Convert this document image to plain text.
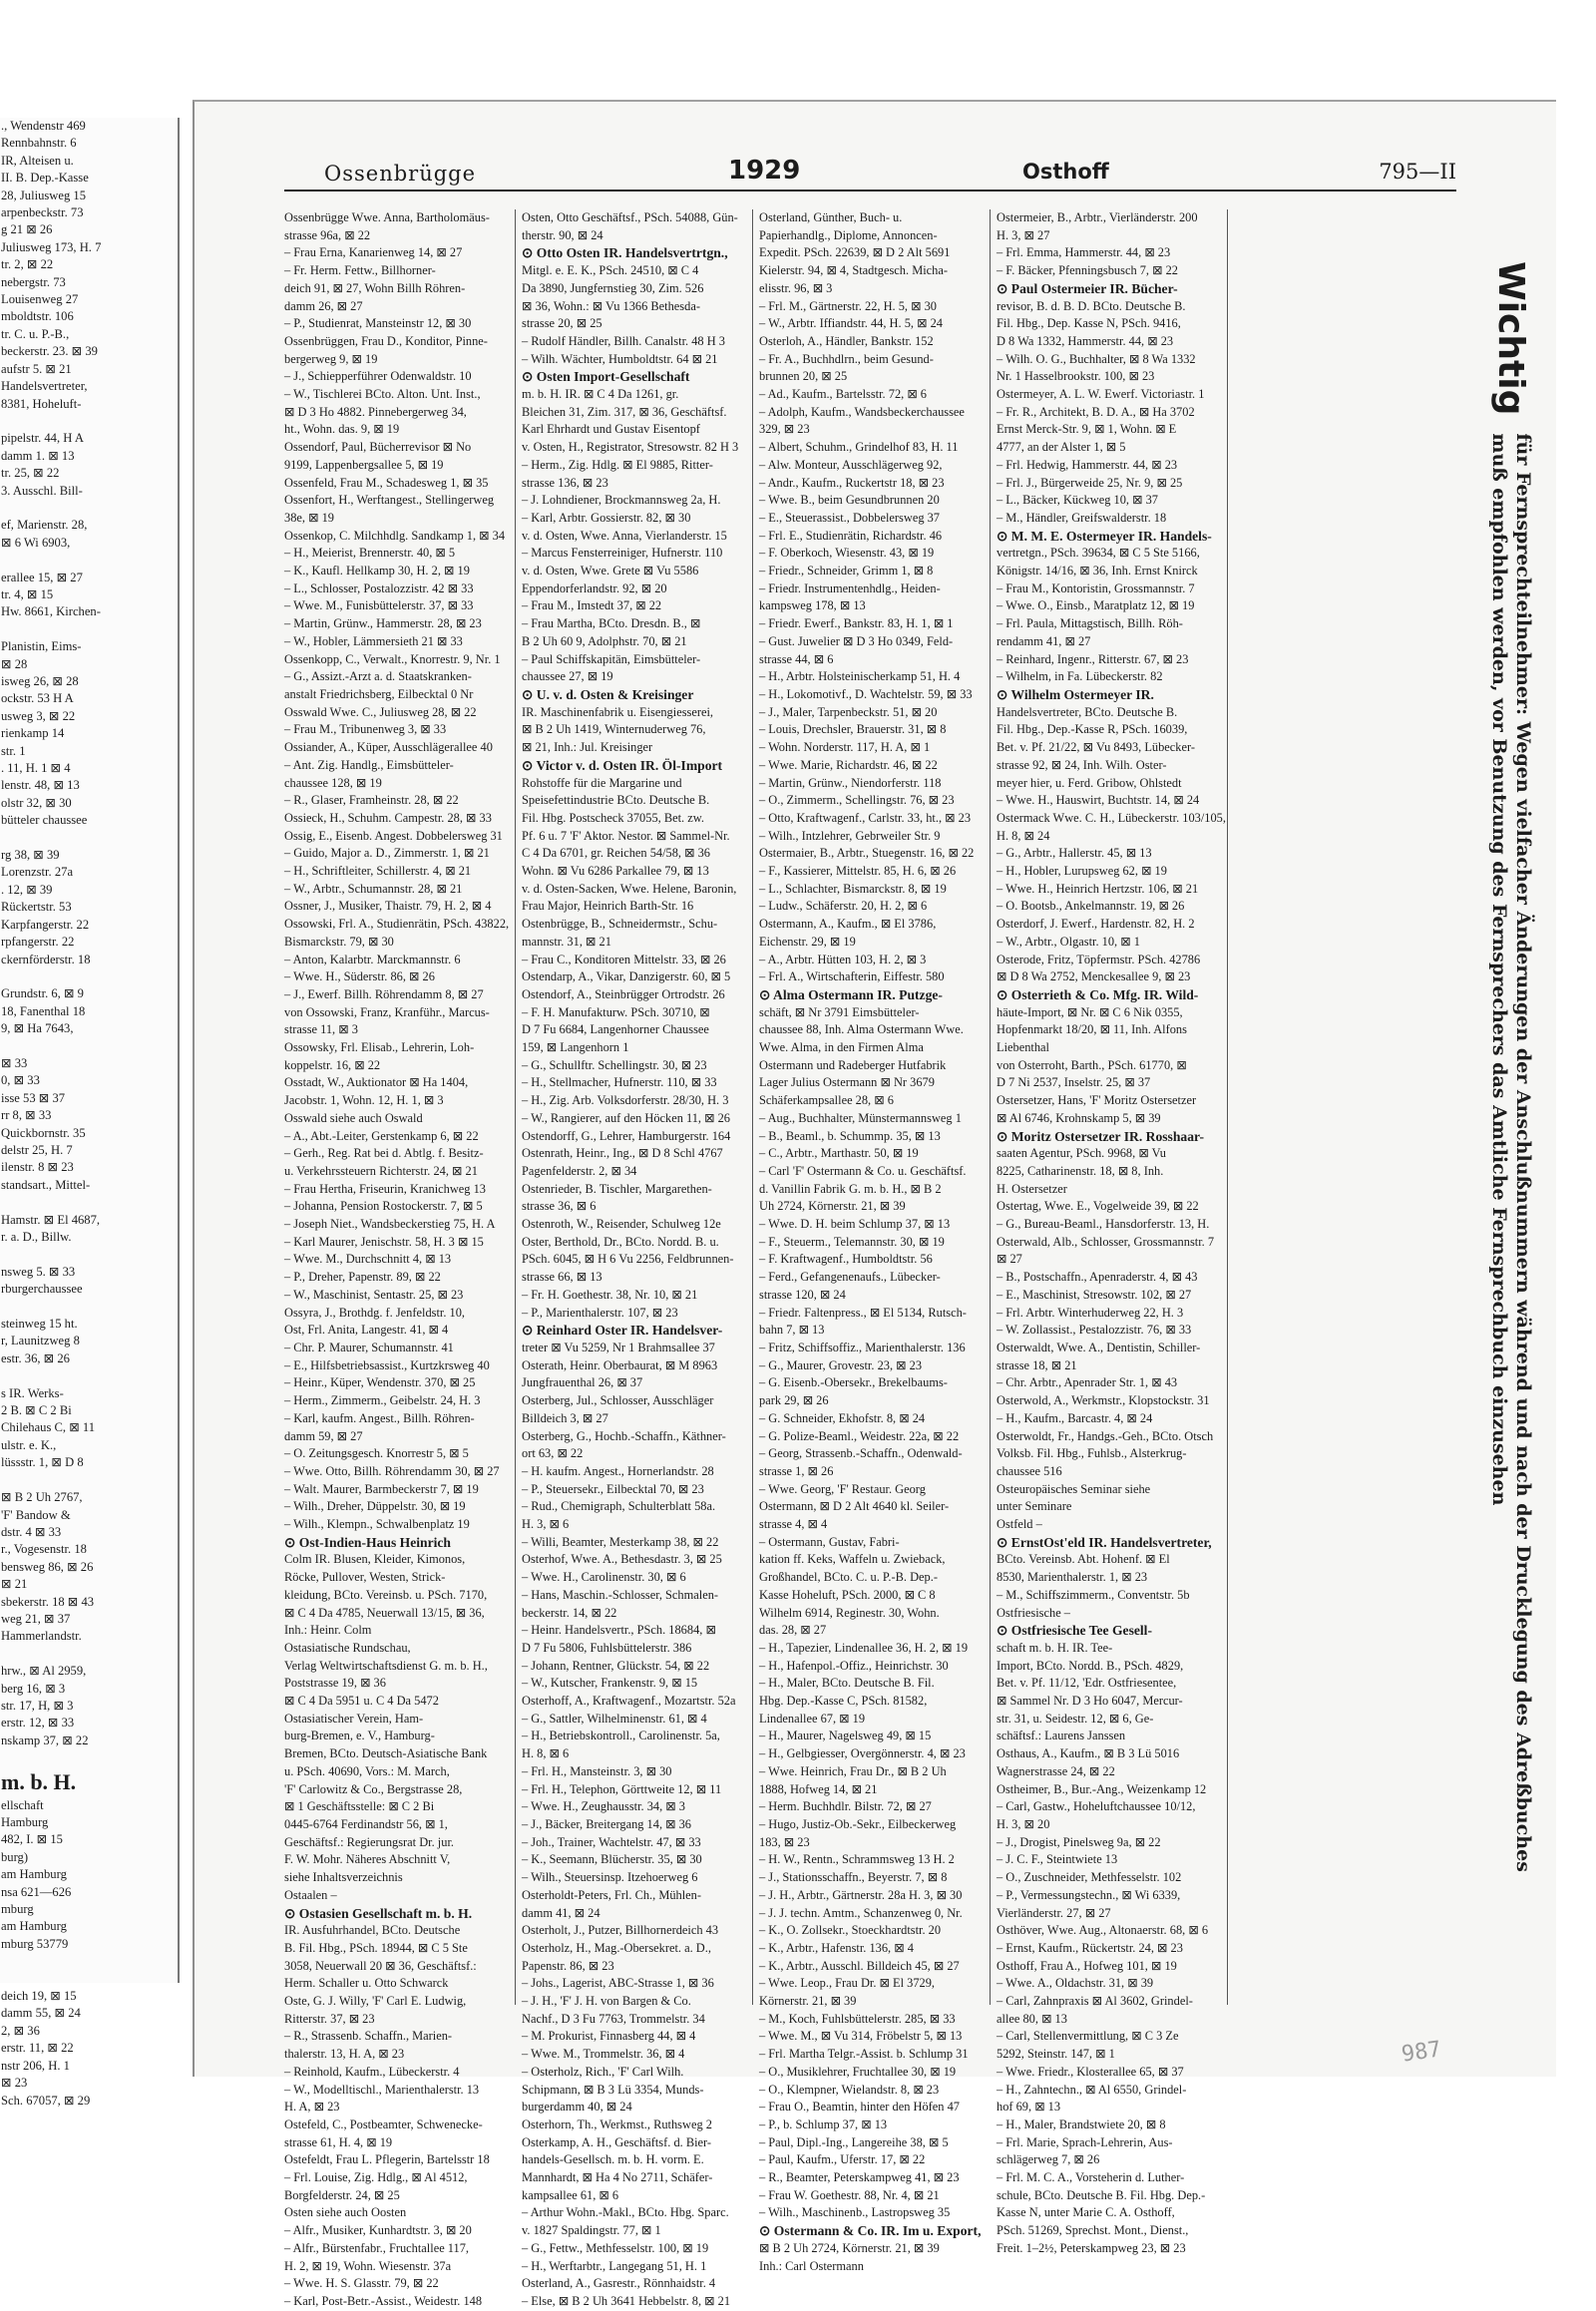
., Wendenstr 469
Rennbahnstr. 6
IR, Alteisen u.
II. B. Dep.-Kasse
28, Juliusweg 15
arpenbeckstr. 73
g 21 ⊠ 26
Juliusweg 173, H. 7
tr. 2, ⊠ 22
nebergstr. 73
Louisenweg 27
mboldtstr. 106
tr. C. u. P.-B.,
beckerstr. 23. ⊠ 39
aufstr 5. ⊠ 21
Handelsvertreter,
8381, Hoheluft-

pipelstr. 44, H A
damm 1. ⊠ 13
tr. 25, ⊠ 22
3. Ausschl. Bill-

ef, Marienstr. 28,
⊠ 6 Wi 6903,

erallee 15, ⊠ 27
tr. 4, ⊠ 15
Hw. 8661, Kirchen-

Planistin, Eims-
⊠ 28
isweg 26, ⊠ 28
ockstr. 53 H A
usweg 3, ⊠ 22
rienkamp 14
str. 1
. 11, H. 1 ⊠ 4
lenstr. 48, ⊠ 13
olstr 32, ⊠ 30
bütteler chaussee

rg 38, ⊠ 39
Lorenzstr. 27a
. 12, ⊠ 39
Rückertstr. 53
Karpfangerstr. 22
rpfangerstr. 22
ckernförderstr. 18

Grundstr. 6, ⊠ 9
18, Fanenthal 18
9, ⊠ Ha 7643,

⊠ 33
0, ⊠ 33
isse 53 ⊠ 37
rr 8, ⊠ 33
Quickbornstr. 35
delstr 25, H. 7
ilenstr. 8 ⊠ 23
standsart., Mittel-

Hamstr. ⊠ El 4687,
r. a. D., Billw.

nsweg 5. ⊠ 33
rburgerchaussee

steinweg 15 ht.
r, Launitzweg 8
estr. 36, ⊠ 26

s IR. Werks-
2 B. ⊠ C 2 Bi
Chilehaus C, ⊠ 11
ulstr. e. K.,
lüssstr. 1, ⊠ D 8

⊠ B 2 Uh 2767,
'F' Bandow &
dstr. 4 ⊠ 33
r., Vogesenstr. 18
bensweg 86, ⊠ 26
⊠ 21
sbekerstr. 18 ⊠ 43
weg 21, ⊠ 37
Hammerlandstr.

hrw., ⊠ Al 2959,
berg 16, ⊠ 3
str. 17, H, ⊠ 3
erstr. 12, ⊠ 33
nskamp 37, ⊠ 22

m. b. H.
ellschaft
Hamburg
482, I. ⊠ 15
burg)
am Hamburg
nsa 621—626
mburg
am Hamburg
mburg 53779

deich 19, ⊠ 15
damm 55, ⊠ 24
2, ⊠ 36
erstr. 11, ⊠ 22
nstr 206, H. 1
⊠ 23
Sch. 67057, ⊠ 29
Ossenbrügge	1929	Osthoff	795—II
Ossenbrügge Wwe. Anna, Bartholomäus-
strasse 96a, ⊠ 22
– Frau Erna, Kanarienweg 14, ⊠ 27
– Fr. Herm. Fettw., Billhorner-
deich 91, ⊠ 27, Wohn Billh Röhren-
damm 26, ⊠ 27
– P., Studienrat, Mansteinstr 12, ⊠ 30
Ossenbrüggen, Frau D., Konditor, Pinne-
bergerweg 9, ⊠ 19
– J., Schiepperführer Odenwaldstr. 10
– W., Tischlerei BCto. Alton. Unt. Inst.,
⊠ D 3 Ho 4882. Pinnebergerweg 34,
ht., Wohn. das. 9, ⊠ 19
Ossendorf, Paul, Bücherrevisor ⊠ No
9199, Lappenbergsallee 5, ⊠ 19
Ossenfeld, Frau M., Schadesweg 1, ⊠ 35
Ossenfort, H., Werftangest., Stellingerweg
38e, ⊠ 19
Ossenkop, C. Milchhdlg. Sandkamp 1, ⊠ 34
– H., Meierist, Brennerstr. 40, ⊠ 5
– K., Kaufl. Hellkamp 30, H. 2, ⊠ 19
– L., Schlosser, Postalozzistr. 42 ⊠ 33
– Wwe. M., Funisbüttelerstr. 37, ⊠ 33
– Martin, Grünw., Hammerstr. 28, ⊠ 23
– W., Hobler, Lämmersieth 21 ⊠ 33
Ossenkopp, C., Verwalt., Knorrestr. 9, Nr. 1
– G., Assizt.-Arzt a. d. Staatskranken-
anstalt Friedrichsberg, Eilbecktal 0 Nr
Osswald Wwe. C., Juliusweg 28, ⊠ 22
– Frau M., Tribunenweg 3, ⊠ 33
Ossiander, A., Küper, Ausschlägerallee 40
– Ant. Zig. Handlg., Eimsbütteler-
chaussee 128, ⊠ 19
– R., Glaser, Framheinstr. 28, ⊠ 22
Ossieck, H., Schuhm. Campestr. 28, ⊠ 33
Ossig, E., Eisenb. Angest. Dobbelersweg 31
– Guido, Major a. D., Zimmerstr. 1, ⊠ 21
– H., Schriftleiter, Schillerstr. 4, ⊠ 21
– W., Arbtr., Schumannstr. 28, ⊠ 21
Ossner, J., Musiker, Thaistr. 79, H. 2, ⊠ 4
Ossowski, Frl. A., Studienrätin, PSch. 43822,
Bismarckstr. 79, ⊠ 30
– Anton, Kalarbtr. Marckmannstr. 6
– Wwe. H., Süderstr. 86, ⊠ 26
– J., Ewerf. Billh. Röhrendamm 8, ⊠ 27
von Ossowski, Franz, Kranführ., Marcus-
strasse 11, ⊠ 3
Ossowsky, Frl. Elisab., Lehrerin, Loh-
koppelstr. 16, ⊠ 22
Osstadt, W., Auktionator ⊠ Ha 1404,
Jacobstr. 1, Wohn. 12, H. 1, ⊠ 3
Osswald siehe auch Oswald
– A., Abt.-Leiter, Gerstenkamp 6, ⊠ 22
– Gerh., Reg. Rat bei d. Abtlg. f. Besitz-
u. Verkehrssteuern Richterstr. 24, ⊠ 21
– Frau Hertha, Friseurin, Kranichweg 13
– Johanna, Pension Rostockerstr. 7, ⊠ 5
– Joseph Niet., Wandsbeckerstieg 75, H. A
– Karl Maurer, Jenischstr. 58, H. 3 ⊠ 15
– Wwe. M., Durchschnitt 4, ⊠ 13
– P., Dreher, Papenstr. 89, ⊠ 22
– W., Maschinist, Sentastr. 25, ⊠ 23
Ossyra, J., Brothdg. f. Jenfeldstr. 10,
Ost, Frl. Anita, Langestr. 41, ⊠ 4
– Chr. P. Maurer, Schumannstr. 41
– E., Hilfsbetriebsassist., Kurtzkrsweg 40
– Heinr., Küper, Wendenstr. 370, ⊠ 25
– Herm., Zimmerm., Geibelstr. 24, H. 3
– Karl, kaufm. Angest., Billh. Röhren-
damm 59, ⊠ 27
– O. Zeitungsgesch. Knorrestr 5, ⊠ 5
– Wwe. Otto, Billh. Röhrendamm 30, ⊠ 27
– Walt. Maurer, Barmbeckerstr 7, ⊠ 19
– Wilh., Dreher, Düppelstr. 30, ⊠ 19
– Wilh., Klempn., Schwalbenplatz 19
⊙ Ost-Indien-Haus Heinrich
Colm IR. Blusen, Kleider, Kimonos,
Röcke, Pullover, Westen, Strick-
kleidung, BCto. Vereinsb. u. PSch. 7170,
⊠ C 4 Da 4785, Neuerwall 13/15, ⊠ 36,
Inh.: Heinr. Colm
Ostasiatische Rundschau,
Verlag Weltwirtschaftsdienst G. m. b. H.,
Poststrasse 19, ⊠ 36
⊠ C 4 Da 5951 u. C 4 Da 5472
Ostasiatischer Verein, Ham-
burg-Bremen, e. V., Hamburg-
Bremen, BCto. Deutsch-Asiatische Bank
u. PSch. 40690, Vors.: M. March,
'F' Carlowitz & Co., Bergstrasse 28,
⊠ 1 Geschäftsstelle: ⊠ C 2 Bi
0445-6764 Ferdinandstr 56, ⊠ 1,
Geschäftsf.: Regierungsrat Dr. jur.
F. W. Mohr. Näheres Abschnitt V,
siehe Inhaltsverzeichnis
Ostaalen –
⊙ Ostasien Gesellschaft m. b. H.
IR. Ausfuhrhandel, BCto. Deutsche
B. Fil. Hbg., PSch. 18944, ⊠ C 5 Ste
3058, Neuerwall 20 ⊠ 36, Geschäftsf.:
Herm. Schaller u. Otto Schwarck
Oste, G. J. Willy, 'F' Carl E. Ludwig,
Ritterstr. 37, ⊠ 23
– R., Strassenb. Schaffn., Marien-
thalerstr. 13, H. A, ⊠ 23
– Reinhold, Kaufm., Lübeckerstr. 4
– W., Modelltischl., Marienthalerstr. 13
H. A, ⊠ 23
Ostefeld, C., Postbeamter, Schwenecke-
strasse 61, H. 4, ⊠ 19
Ostefeldt, Frau L. Pflegerin, Bartelsstr 18
– Frl. Louise, Zig. Hdlg., ⊠ Al 4512,
Borgfelderstr. 24, ⊠ 25
Osten siehe auch Oosten
– Alfr., Musiker, Kunhardtstr. 3, ⊠ 20
– Alfr., Bürstenfabr., Fruchtallee 117,
H. 2, ⊠ 19, Wohn. Wiesenstr. 37a
– Wwe. H. S. Glasstr. 79, ⊠ 22
– Karl, Post-Betr.-Assist., Weidestr. 148
Osten, Otto Geschäftsf., PSch. 54088, Gün-
therstr. 90, ⊠ 24
⊙ Otto Osten IR. Handelsvertrtgn.,
Mitgl. e. E. K., PSch. 24510, ⊠ C 4
Da 3890, Jungfernstieg 30, Zim. 526
⊠ 36, Wohn.: ⊠ Vu 1366 Bethesda-
strasse 20, ⊠ 25
– Rudolf Händler, Billh. Canalstr. 48 H 3
– Wilh. Wächter, Humboldtstr. 64 ⊠ 21
⊙ Osten Import-Gesellschaft
m. b. H. IR. ⊠ C 4 Da 1261, gr.
Bleichen 31, Zim. 317, ⊠ 36, Geschäftsf.
Karl Ehrhardt und Gustav Eisentopf
v. Osten, H., Registrator, Stresowstr. 82 H 3
– Herm., Zig. Hdlg. ⊠ El 9885, Ritter-
strasse 136, ⊠ 23
– J. Lohndiener, Brockmannsweg 2a, H.
– Karl, Arbtr. Gossierstr. 82, ⊠ 30
v. d. Osten, Wwe. Anna, Vierlanderstr. 15
– Marcus Fensterreiniger, Hufnerstr. 110
v. d. Osten, Wwe. Grete ⊠ Vu 5586
Eppendorferlandstr. 92, ⊠ 20
– Frau M., Imstedt 37, ⊠ 22
– Frau Martha, BCto. Dresdn. B., ⊠
B 2 Uh 60 9, Adolphstr. 70, ⊠ 21
– Paul Schiffskapitän, Eimsbütteler-
chaussee 27, ⊠ 19
⊙ U. v. d. Osten & Kreisinger
IR. Maschinenfabrik u. Eisengiesserei,
⊠ B 2 Uh 1419, Winternuderweg 76,
⊠ 21, Inh.: Jul. Kreisinger
⊙ Victor v. d. Osten IR. Öl-Import
Rohstoffe für die Margarine und
Speisefettindustrie BCto. Deutsche B.
Fil. Hbg. Postscheck 37055, Bet. zw.
Pf. 6 u. 7 'F' Aktor. Nestor. ⊠ Sammel-Nr.
C 4 Da 6701, gr. Reichen 54/58, ⊠ 36
Wohn. ⊠ Vu 6286 Parkallee 79, ⊠ 13
v. d. Osten-Sacken, Wwe. Helene, Baronin,
Frau Major, Heinrich Barth-Str. 16
Ostenbrügge, B., Schneidermstr., Schu-
mannstr. 31, ⊠ 21
– Frau C., Konditoren Mittelstr. 33, ⊠ 26
Ostendarp, A., Vikar, Danzigerstr. 60, ⊠ 5
Ostendorf, A., Steinbrügger Ortrodstr. 26
– F. H. Manufakturw. PSch. 30710, ⊠
D 7 Fu 6684, Langenhorner Chaussee
159, ⊠ Langenhorn 1
– G., Schullftr. Schellingstr. 30, ⊠ 23
– H., Stellmacher, Hufnerstr. 110, ⊠ 33
– H., Zig. Arb. Volksdorferstr. 28/30, H. 3
– W., Rangierer, auf den Höcken 11, ⊠ 26
Ostendorff, G., Lehrer, Hamburgerstr. 164
Ostenrath, Heinr., Ing., ⊠ D 8 Schl 4767
Pagenfelderstr. 2, ⊠ 34
Ostenrieder, B. Tischler, Margarethen-
strasse 36, ⊠ 6
Ostenroth, W., Reisender, Schulweg 12e
Oster, Berthold, Dr., BCto. Nordd. B. u.
PSch. 6045, ⊠ H 6 Vu 2256, Feldbrunnen-
strasse 66, ⊠ 13
– Fr. H. Goethestr. 38, Nr. 10, ⊠ 21
– P., Marienthalerstr. 107, ⊠ 23
⊙ Reinhard Oster IR. Handelsver-
treter ⊠ Vu 5259, Nr 1 Brahmsallee 37
Osterath, Heinr. Oberbaurat, ⊠ M 8963
Jungfrauenthal 26, ⊠ 37
Osterberg, Jul., Schlosser, Ausschläger
Billdeich 3, ⊠ 27
Osterberg, G., Hochb.-Schaffn., Käthner-
ort 63, ⊠ 22
– H. kaufm. Angest., Hornerlandstr. 28
– P., Steuersekr., Eilbecktal 70, ⊠ 23
– Rud., Chemigraph, Schulterblatt 58a.
H. 3, ⊠ 6
– Willi, Beamter, Mesterkamp 38, ⊠ 22
Osterhof, Wwe. A., Bethesdastr. 3, ⊠ 25
– Wwe. H., Carolinenstr. 30, ⊠ 6
– Hans, Maschin.-Schlosser, Schmalen-
beckerstr. 14, ⊠ 22
– Heinr. Handelsvertr., PSch. 18684, ⊠
D 7 Fu 5806, Fuhlsbüttelerstr. 386
– Johann, Rentner, Glückstr. 54, ⊠ 22
– W., Kutscher, Frankenstr. 9, ⊠ 15
Osterhoff, A., Kraftwagenf., Mozartstr. 52a
– G., Sattler, Wilhelminenstr. 61, ⊠ 4
– H., Betriebskontroll., Carolinenstr. 5a,
H. 8, ⊠ 6
– Frl. H., Mansteinstr. 3, ⊠ 30
– Frl. H., Telephon, Görttweite 12, ⊠ 11
– Wwe. H., Zeughausstr. 34, ⊠ 3
– J., Bäcker, Breitergang 14, ⊠ 36
– Joh., Trainer, Wachtelstr. 47, ⊠ 33
– K., Seemann, Blücherstr. 35, ⊠ 30
– Wilh., Steuersinsp. Itzehoerweg 6
Osterholdt-Peters, Frl. Ch., Mühlen-
damm 41, ⊠ 24
Osterholt, J., Putzer, Billhornerdeich 43
Osterholz, H., Mag.-Obersekret. a. D.,
Papenstr. 86, ⊠ 23
– Johs., Lagerist, ABC-Strasse 1, ⊠ 36
– J. H., 'F' J. H. von Bargen & Co.
Nachf., D 3 Fu 7763, Trommelstr. 34
– M. Prokurist, Finnasberg 44, ⊠ 4
– Wwe. M., Trommelstr. 36, ⊠ 4
– Osterholz, Rich., 'F' Carl Wilh.
Schipmann, ⊠ B 3 Lü 3354, Munds-
burgerdamm 40, ⊠ 24
Osterhorn, Th., Werkmst., Ruthsweg 2
Osterkamp, A. H., Geschäftsf. d. Bier-
handels-Gesellsch. m. b. H. vorm. E.
Mannhardt, ⊠ Ha 4 No 2711, Schäfer-
kampsallee 61, ⊠ 6
– Arthur Wohn.-Makl., BCto. Hbg. Sparc.
v. 1827 Spaldingstr. 77, ⊠ 1
– G., Fettw., Methfesselstr. 100, ⊠ 19
– H., Werftarbtr., Langegang 51, H. 1
Osterland, A., Gasrestr., Rönnhaidstr. 4
– Else, ⊠ B 2 Uh 3641 Hebbelstr. 8, ⊠ 21
Osterland, Günther, Buch- u.
Papierhandlg., Diplome, Annoncen-
Expedit. PSch. 22639, ⊠ D 2 Alt 5691
Kielerstr. 94, ⊠ 4, Stadtgesch. Micha-
elisstr. 96, ⊠ 3
– Frl. M., Gärtnerstr. 22, H. 5, ⊠ 30
– W., Arbtr. Iffiandstr. 44, H. 5, ⊠ 24
Osterloh, A., Händler, Bankstr. 152
– Fr. A., Buchhdlrn., beim Gesund-
brunnen 20, ⊠ 25
– Ad., Kaufm., Bartelsstr. 72, ⊠ 6
– Adolph, Kaufm., Wandsbeckerchaussee
329, ⊠ 23
– Albert, Schuhm., Grindelhof 83, H. 11
– Alw. Monteur, Ausschlägerweg 92,
– Andr., Kaufm., Ruckertstr 18, ⊠ 23
– Wwe. B., beim Gesundbrunnen 20
– E., Steuerassist., Dobbelersweg 37
– Frl. E., Studienrätin, Richardstr. 46
– F. Oberkoch, Wiesenstr. 43, ⊠ 19
– Friedr., Schneider, Grimm 1, ⊠ 8
– Friedr. Instrumentenhdlg., Heiden-
kampsweg 178, ⊠ 13
– Friedr. Ewerf., Bankstr. 83, H. 1, ⊠ 1
– Gust. Juwelier ⊠ D 3 Ho 0349, Feld-
strasse 44, ⊠ 6
– H., Arbtr. Holsteinischerkamp 51, H. 4
– H., Lokomotivf., D. Wachtelstr. 59, ⊠ 33
– J., Maler, Tarpenbeckstr. 51, ⊠ 20
– Louis, Drechsler, Brauerstr. 31, ⊠ 8
– Wohn. Norderstr. 117, H. A, ⊠ 1
– Wwe. Marie, Richardstr. 46, ⊠ 22
– Martin, Grünw., Niendorferstr. 118
– O., Zimmerm., Schellingstr. 76, ⊠ 23
– Otto, Kraftwagenf., Carlstr. 33, ht., ⊠ 23
– Wilh., Intzlehrer, Gebrweiler Str. 9
Ostermaier, B., Arbtr., Stuegenstr. 16, ⊠ 22
– F., Kassierer, Mittelstr. 85, H. 6, ⊠ 26
– L., Schlachter, Bismarckstr. 8, ⊠ 19
– Ludw., Schäferstr. 20, H. 2, ⊠ 6
Ostermann, A., Kaufm., ⊠ El 3786,
Eichenstr. 29, ⊠ 19
– A., Arbtr. Hütten 103, H. 2, ⊠ 3
– Frl. A., Wirtschafterin, Eiffestr. 580
⊙ Alma Ostermann IR. Putzge-
schäft, ⊠ Nr 3791 Eimsbütteler-
chaussee 88, Inh. Alma Ostermann Wwe.
Wwe. Alma, in den Firmen Alma
Ostermann und Radeberger Hutfabrik
Lager Julius Ostermann ⊠ Nr 3679
Schäferkampsallee 28, ⊠ 6
– Aug., Buchhalter, Münstermannsweg 1
– B., Beaml., b. Schummp. 35, ⊠ 13
– C., Arbtr., Marthastr. 50, ⊠ 19
– Carl 'F' Ostermann & Co. u. Geschäftsf.
d. Vanillin Fabrik G. m. b. H., ⊠ B 2
Uh 2724, Körnerstr. 21, ⊠ 39
– Wwe. D. H. beim Schlump 37, ⊠ 13
– F., Steuerm., Telemannstr. 30, ⊠ 19
– F. Kraftwagenf., Humboldtstr. 56
– Ferd., Gefangenenaufs., Lübecker-
strasse 120, ⊠ 24
– Friedr. Faltenpress., ⊠ El 5134, Rutsch-
bahn 7, ⊠ 13
– Fritz, Schiffsoffiz., Marienthalerstr. 136
– G., Maurer, Grovestr. 23, ⊠ 23
– G. Eisenb.-Obersekr., Brekelbaums-
park 29, ⊠ 26
– G. Schneider, Ekhofstr. 8, ⊠ 24
– G. Polize-Beaml., Weidestr. 22a, ⊠ 22
– Georg, Strassenb.-Schaffn., Odenwald-
strasse 1, ⊠ 26
– Wwe. Georg, 'F' Restaur. Georg
Ostermann, ⊠ D 2 Alt 4640 kl. Seiler-
strasse 4, ⊠ 4
– Ostermann, Gustav, Fabri-
kation ff. Keks, Waffeln u. Zwieback,
Großhandel, BCto. C. u. P.-B. Dep.-
Kasse Hoheluft, PSch. 2000, ⊠ C 8
Wilhelm 6914, Reginestr. 30, Wohn.
das. 28, ⊠ 27
– H., Tapezier, Lindenallee 36, H. 2, ⊠ 19
– H., Hafenpol.-Offiz., Heinrichstr. 30
– H., Maler, BCto. Deutsche B. Fil.
Hbg. Dep.-Kasse C, PSch. 81582,
Lindenallee 67, ⊠ 19
– H., Maurer, Nagelsweg 49, ⊠ 15
– H., Gelbgiesser, Overgönnerstr. 4, ⊠ 23
– Wwe. Heinrich, Frau Dr., ⊠ B 2 Uh
1888, Hofweg 14, ⊠ 21
– Herm. Buchhdlr. Bilstr. 72, ⊠ 27
– Hugo, Justiz-Ob.-Sekr., Eilbeckerweg
183, ⊠ 23
– H. W., Rentn., Schrammsweg 13 H. 2
– J., Stationsschaffn., Beyerstr. 7, ⊠ 8
– J. H., Arbtr., Gärtnerstr. 28a H. 3, ⊠ 30
– J. J. techn. Amtm., Schanzenweg 0, Nr.
– K., O. Zollsekr., Stoeckhardtstr. 20
– K., Arbtr., Hafenstr. 136, ⊠ 4
– K., Arbtr., Ausschl. Billdeich 45, ⊠ 27
– Wwe. Leop., Frau Dr. ⊠ El 3729,
Körnerstr. 21, ⊠ 39
– M., Koch, Fuhlsbüttelerstr. 285, ⊠ 33
– Wwe. M., ⊠ Vu 314, Fröbelstr 5, ⊠ 13
– Frl. Martha Telgr.-Assist. b. Schlump 31
– O., Musiklehrer, Fruchtallee 30, ⊠ 19
– O., Klempner, Wielandstr. 8, ⊠ 23
– Frau O., Beamtin, hinter den Höfen 47
– P., b. Schlump 37, ⊠ 13
– Paul, Dipl.-Ing., Langereihe 38, ⊠ 5
– Paul, Kaufm., Uferstr. 17, ⊠ 22
– R., Beamter, Peterskampweg 41, ⊠ 23
– Frau W. Goethestr. 88, Nr. 4, ⊠ 21
– Wilh., Maschinenb., Lastropsweg 35
⊙ Ostermann & Co. IR. Im u. Export,
⊠ B 2 Uh 2724, Körnerstr. 21, ⊠ 39
Inh.: Carl Ostermann
Ostermeier, B., Arbtr., Vierländerstr. 200
H. 3, ⊠ 27
– Frl. Emma, Hammerstr. 44, ⊠ 23
– F. Bäcker, Pfenningsbusch 7, ⊠ 22
⊙ Paul Ostermeier IR. Bücher-
revisor, B. d. B. D. BCto. Deutsche B.
Fil. Hbg., Dep. Kasse N, PSch. 9416,
D 8 Wa 1332, Hammerstr. 44, ⊠ 23
– Wilh. O. G., Buchhalter, ⊠ 8 Wa 1332
Nr. 1 Hasselbrookstr. 100, ⊠ 23
Ostermeyer, A. L. W. Ewerf. Victoriastr. 1
– Fr. R., Architekt, B. D. A., ⊠ Ha 3702
Ernst Merck-Str. 9, ⊠ 1, Wohn. ⊠ E
4777, an der Alster 1, ⊠ 5
– Frl. Hedwig, Hammerstr. 44, ⊠ 23
– Frl. J., Bürgerweide 25, Nr. 9, ⊠ 25
– L., Bäcker, Kückweg 10, ⊠ 37
– M., Händler, Greifswalderstr. 18
⊙ M. M. E. Ostermeyer IR. Handels-
vertretgn., PSch. 39634, ⊠ C 5 Ste 5166,
Königstr. 14/16, ⊠ 36, Inh. Ernst Knirck
– Frau M., Kontoristin, Grossmannstr. 7
– Wwe. O., Einsb., Maratplatz 12, ⊠ 19
– Frl. Paula, Mittagstisch, Billh. Röh-
rendamm 41, ⊠ 27
– Reinhard, Ingenr., Ritterstr. 67, ⊠ 23
– Wilhelm, in Fa. Lübeckerstr. 82
⊙ Wilhelm Ostermeyer IR.
Handelsvertreter, BCto. Deutsche B.
Fil. Hbg., Dep.-Kasse R, PSch. 16039,
Bet. v. Pf. 21/22, ⊠ Vu 8493, Lübecker-
strasse 92, ⊠ 24, Inh. Wilh. Oster-
meyer hier, u. Ferd. Gribow, Ohlstedt
– Wwe. H., Hauswirt, Buchtstr. 14, ⊠ 24
Ostermack Wwe. C. H., Lübeckerstr. 103/105,
H. 8, ⊠ 24
– G., Arbtr., Hallerstr. 45, ⊠ 13
– H., Hobler, Lurupsweg 62, ⊠ 19
– Wwe. H., Heinrich Hertzstr. 106, ⊠ 21
– O. Bootsb., Ankelmannstr. 19, ⊠ 26
Osterdorf, J. Ewerf., Hardenstr. 82, H. 2
– W., Arbtr., Olgastr. 10, ⊠ 1
Osterode, Fritz, Töpfermstr. PSch. 42786
⊠ D 8 Wa 2752, Menckesallee 9, ⊠ 23
⊙ Osterrieth & Co. Mfg. IR. Wild-
häute-Import, ⊠ Nr. ⊠ C 6 Nik 0355,
Hopfenmarkt 18/20, ⊠ 11, Inh. Alfons
Liebenthal
von Osterroht, Barth., PSch. 61770, ⊠
D 7 Ni 2537, Inselstr. 25, ⊠ 37
Ostersetzer, Hans, 'F' Moritz Ostersetzer
⊠ Al 6746, Krohnskamp 5, ⊠ 39
⊙ Moritz Ostersetzer IR. Rosshaar-
saaten Agentur, PSch. 9968, ⊠ Vu
8225, Catharinenstr. 18, ⊠ 8, Inh.
H. Ostersetzer
Ostertag, Wwe. E., Vogelweide 39, ⊠ 22
– G., Bureau-Beaml., Hansdorferstr. 13, H.
Osterwald, Alb., Schlosser, Grossmannstr. 7
⊠ 27
– B., Postschaffn., Apenraderstr. 4, ⊠ 43
– E., Maschinist, Stresowstr. 102, ⊠ 27
– Frl. Arbtr. Winterhuderweg 22, H. 3
– W. Zollassist., Pestalozzistr. 76, ⊠ 33
Osterwaldt, Wwe. A., Dentistin, Schiller-
strasse 18, ⊠ 21
– Chr. Arbtr., Apenrader Str. 1, ⊠ 43
Osterwold, A., Werkmstr., Klopstockstr. 31
– H., Kaufm., Barcastr. 4, ⊠ 24
Osterwoldt, Fr., Handgs.-Geh., BCto. Otsch
Volksb. Fil. Hbg., Fuhlsb., Alsterkrug-
chaussee 516
Osteuropäisches Seminar siehe
unter Seminare
Ostfeld –
⊙ ErnstOst'eld IR. Handelsvertreter,
BCto. Vereinsb. Abt. Hohenf. ⊠ El
8530, Marienthalerstr. 1, ⊠ 23
– M., Schiffszimmerm., Conventstr. 5b
Ostfriesische –
⊙ Ostfriesische Tee Gesell-
schaft m. b. H. IR. Tee-
Import, BCto. Nordd. B., PSch. 4829,
Bet. v. Pf. 11/12, 'Edr. Ostfriesentee,
⊠ Sammel Nr. D 3 Ho 6047, Mercur-
str. 31, u. Seidestr. 12, ⊠ 6, Ge-
schäftsf.: Laurens Janssen
Osthaus, A., Kaufm., ⊠ B 3 Lü 5016
Wagnerstrasse 24, ⊠ 22
Ostheimer, B., Bur.-Ang., Weizenkamp 12
– Carl, Gastw., Hoheluftchaussee 10/12,
H. 3, ⊠ 20
– J., Drogist, Pinelsweg 9a, ⊠ 22
– J. C. F., Steintwiete 13
– O., Zuschneider, Methfesselstr. 102
– P., Vermessungstechn., ⊠ Wi 6339,
Vierländerstr. 27, ⊠ 27
Osthöver, Wwe. Aug., Altonaerstr. 68, ⊠ 6
– Ernst, Kaufm., Rückertstr. 24, ⊠ 23
Osthoff, Frau A., Hofweg 101, ⊠ 19
– Wwe. A., Oldachstr. 31, ⊠ 39
– Carl, Zahnpraxis ⊠ Al 3602, Grindel-
allee 80, ⊠ 13
– Carl, Stellenvermittlung, ⊠ C 3 Ze
5292, Steinstr. 147, ⊠ 1
– Wwe. Friedr., Klosterallee 65, ⊠ 37
– H., Zahntechn., ⊠ Al 6550, Grindel-
hof 69, ⊠ 13
– H., Maler, Brandstwiete 20, ⊠ 8
– Frl. Marie, Sprach-Lehrerin, Aus-
schlägerweg 7, ⊠ 26
– Frl. M. C. A., Vorsteherin d. Luther-
schule, BCto. Deutsche B. Fil. Hbg. Dep.-
Kasse N, unter Marie C. A. Osthoff,
PSch. 51269, Sprechst. Mont., Dienst.,
Freit. 1–2½, Peterskampweg 23, ⊠ 23
Wichtig
für Fernsprechteilnehmer: Wegen vielfacher Änderungen der Anschlußnummern während und nach der Drucklegung des Adreßbuches muß empfohlen werden, vor Benutzung des Fernsprechers das Amtliche Fernsprechbuch einzusehen
987
